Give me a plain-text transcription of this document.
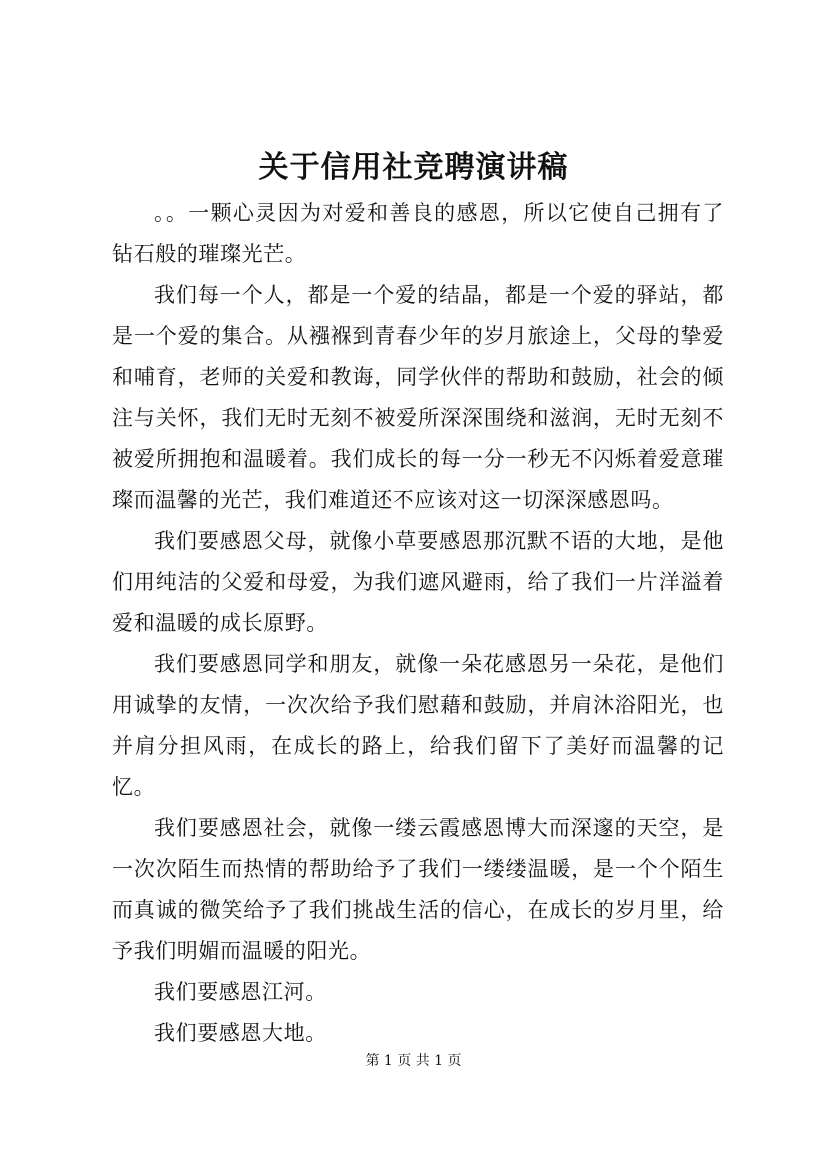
关于信用社竞聘演讲稿

。。一颗心灵因为对爱和善良的感恩，所以它使自己拥有了钻石般的璀璨光芒。

我们每一个人，都是一个爱的结晶，都是一个爱的驿站，都是一个爱的集合。从襁褓到青春少年的岁月旅途上，父母的挚爱和哺育，老师的关爱和教诲，同学伙伴的帮助和鼓励，社会的倾注与关怀，我们无时无刻不被爱所深深围绕和滋润，无时无刻不被爱所拥抱和温暖着。我们成长的每一分一秒无不闪烁着爱意璀璨而温馨的光芒，我们难道还不应该对这一切深深感恩吗。

我们要感恩父母，就像小草要感恩那沉默不语的大地，是他们用纯洁的父爱和母爱，为我们遮风避雨，给了我们一片洋溢着爱和温暖的成长原野。

我们要感恩同学和朋友，就像一朵花感恩另一朵花，是他们用诚挚的友情，一次次给予我们慰藉和鼓励，并肩沐浴阳光，也并肩分担风雨，在成长的路上，给我们留下了美好而温馨的记忆。

我们要感恩社会，就像一缕云霞感恩博大而深邃的天空，是一次次陌生而热情的帮助给予了我们一缕缕温暖，是一个个陌生而真诚的微笑给予了我们挑战生活的信心，在成长的岁月里，给予我们明媚而温暖的阳光。

我们要感恩江河。

我们要感恩大地。

第 1 页 共 1 页
